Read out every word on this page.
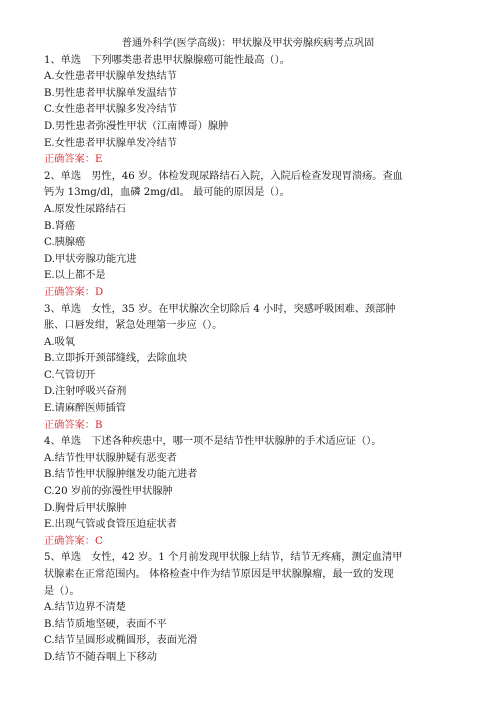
普通外科学(医学高级)：甲状腺及甲状旁腺疾病考点巩固
1、单选　下列哪类患者患甲状腺腺癌可能性最高（）。
A.女性患者甲状腺单发热结节
B.男性患者甲状腺单发温结节
C.女性患者甲状腺多发冷结节
D.男性患者弥漫性甲状（江南博哥）腺肿
E.女性患者甲状腺单发冷结节
正确答案：E
2、单选　男性，46 岁。体检发现尿路结石入院，入院后检查发现胃溃疡。查血
钙为 13mg/dl，血磷 2mg/dl。 最可能的原因是（）。
A.原发性尿路结石
B.肾癌
C.胰腺癌
D.甲状旁腺功能亢进
E.以上都不是
正确答案：D
3、单选　女性，35 岁。在甲状腺次全切除后 4 小时，突感呼吸困难、颈部肿
胀、口唇发绀，紧急处理第一步应（）。
A.吸氧
B.立即拆开颈部缝线，去除血块
C.气管切开
D.注射呼吸兴奋剂
E.请麻醉医师插管
正确答案：B
4、单选　下述各种疾患中，哪一项不是结节性甲状腺肿的手术适应证（）。
A.结节性甲状腺肿疑有恶变者
B.结节性甲状腺肿继发功能亢进者
C.20 岁前的弥漫性甲状腺肿
D.胸骨后甲状腺肿
E.出现气管或食管压迫症状者
正确答案：C
5、单选　女性，42 岁。1 个月前发现甲状腺上结节，结节无疼痛，测定血清甲
状腺素在正常范围内。 体格检查中作为结节原因是甲状腺腺瘤，最一致的发现
是（）。
A.结节边界不清楚
B.结节质地坚硬，表面不平
C.结节呈圆形或椭圆形，表面光滑
D.结节不随吞咽上下移动
